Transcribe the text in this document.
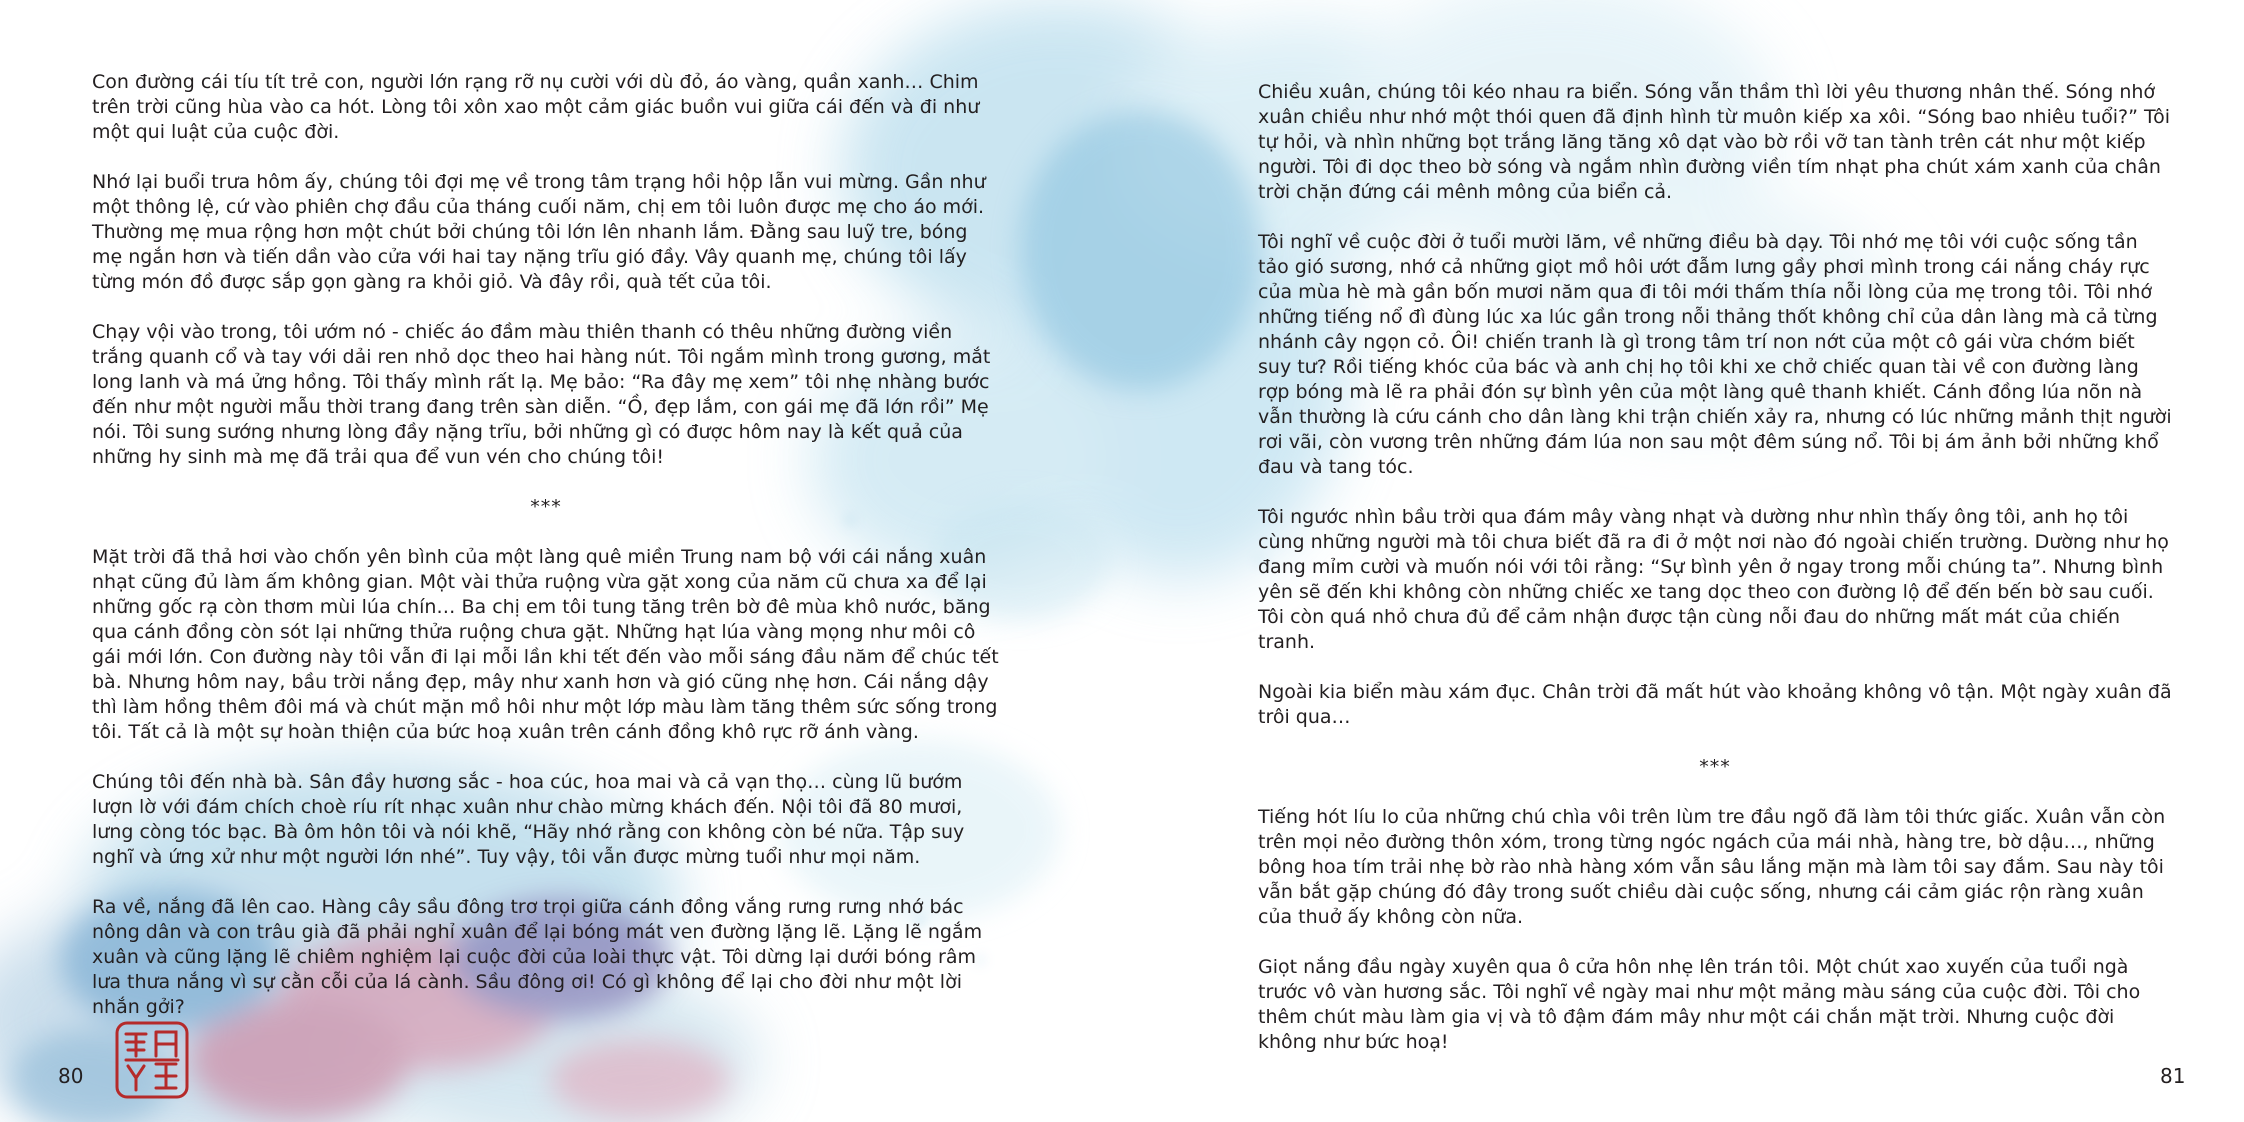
Con đường cái tíu tít trẻ con, người lớn rạng rỡ nụ cười với dù đỏ, áo vàng, quần xanh… Chim trên trời cũng hùa vào ca hót. Lòng tôi xôn xao một cảm giác buồn vui giữa cái đến và đi như một qui luật của cuộc đời.

Nhớ lại buổi trưa hôm ấy, chúng tôi đợi mẹ về trong tâm trạng hồi hộp lẫn vui mừng. Gần như một thông lệ, cứ vào phiên chợ đầu của tháng cuối năm, chị em tôi luôn được mẹ cho áo mới. Thường mẹ mua rộng hơn một chút bởi chúng tôi lớn lên nhanh lắm. Đằng sau luỹ tre, bóng mẹ ngắn hơn và tiến dần vào cửa với hai tay nặng trĩu gió đầy. Vây quanh mẹ, chúng tôi lấy từng món đồ được sắp gọn gàng ra khỏi giỏ. Và đây rồi, quà tết của tôi.

Chạy vội vào trong, tôi ướm nó - chiếc áo đầm màu thiên thanh có thêu những đường viền trắng quanh cổ và tay với dải ren nhỏ dọc theo hai hàng nút. Tôi ngắm mình trong gương, mắt long lanh và má ửng hồng. Tôi thấy mình rất lạ. Mẹ bảo: “Ra đây mẹ xem” tôi nhẹ nhàng bước đến như một người mẫu thời trang đang trên sàn diễn. “Ồ, đẹp lắm, con gái mẹ đã lớn rồi” Mẹ nói. Tôi sung sướng nhưng lòng đầy nặng trĩu, bởi những gì có được hôm nay là kết quả của những hy sinh mà mẹ đã trải qua để vun vén cho chúng tôi!

***

Mặt trời đã thả hơi vào chốn yên bình của một làng quê miền Trung nam bộ với cái nắng xuân nhạt cũng đủ làm ấm không gian. Một vài thửa ruộng vừa gặt xong của năm cũ chưa xa để lại những gốc rạ còn thơm mùi lúa chín… Ba chị em tôi tung tăng trên bờ đê mùa khô nước, băng qua cánh đồng còn sót lại những thửa ruộng chưa gặt. Những hạt lúa vàng mọng như môi cô gái mới lớn. Con đường này tôi vẫn đi lại mỗi lần khi tết đến vào mỗi sáng đầu năm để chúc tết bà. Nhưng hôm nay, bầu trời nắng đẹp, mây như xanh hơn và gió cũng nhẹ hơn. Cái nắng dậy thì làm hồng thêm đôi má và chút mặn mồ hôi như một lớp màu làm tăng thêm sức sống trong tôi. Tất cả là một sự hoàn thiện của bức hoạ xuân trên cánh đồng khô rực rỡ ánh vàng.

Chúng tôi đến nhà bà. Sân đầy hương sắc - hoa cúc, hoa mai và cả vạn thọ… cùng lũ bướm lượn lờ với đám chích choè ríu rít nhạc xuân như chào mừng khách đến. Nội tôi đã 80 mươi, lưng còng tóc bạc. Bà ôm hôn tôi và nói khẽ, “Hãy nhớ rằng con không còn bé nữa. Tập suy nghĩ và ứng xử như một người lớn nhé”. Tuy vậy, tôi vẫn được mừng tuổi như mọi năm.

Ra về, nắng đã lên cao. Hàng cây sầu đông trơ trọi giữa cánh đồng vắng rưng rưng nhớ bác nông dân và con trâu già đã phải nghỉ xuân để lại bóng mát ven đường lặng lẽ. Lặng lẽ ngắm xuân và cũng lặng lẽ chiêm nghiệm lại cuộc đời của loài thực vật. Tôi dừng lại dưới bóng râm lưa thưa nắng vì sự cằn cỗi của lá cành. Sầu đông ơi! Có gì không để lại cho đời như một lời nhắn gởi?

Chiều xuân, chúng tôi kéo nhau ra biển. Sóng vẫn thầm thì lời yêu thương nhân thế. Sóng nhớ xuân chiều như nhớ một thói quen đã định hình từ muôn kiếp xa xôi. “Sóng bao nhiêu tuổi?” Tôi tự hỏi, và nhìn những bọt trắng lăng tăng xô dạt vào bờ rồi vỡ tan tành trên cát như một kiếp người. Tôi đi dọc theo bờ sóng và ngắm nhìn đường viền tím nhạt pha chút xám xanh của chân trời chặn đứng cái mênh mông của biển cả.

Tôi nghĩ về cuộc đời ở tuổi mười lăm, về những điều bà dạy. Tôi nhớ mẹ tôi với cuộc sống tần tảo gió sương, nhớ cả những giọt mồ hôi ướt đẫm lưng gầy phơi mình trong cái nắng cháy rực của mùa hè mà gần bốn mươi năm qua đi tôi mới thấm thía nỗi lòng của mẹ trong tôi. Tôi nhớ những tiếng nổ đì đùng lúc xa lúc gần trong nỗi thảng thốt không chỉ của dân làng mà cả từng nhánh cây ngọn cỏ. Ôi! chiến tranh là gì trong tâm trí non nớt của một cô gái vừa chớm biết suy tư? Rồi tiếng khóc của bác và anh chị họ tôi khi xe chở chiếc quan tài về con đường làng rợp bóng mà lẽ ra phải đón sự bình yên của một làng quê thanh khiết. Cánh đồng lúa nõn nà vẫn thường là cứu cánh cho dân làng khi trận chiến xảy ra, nhưng có lúc những mảnh thịt người rơi vãi, còn vương trên những đám lúa non sau một đêm súng nổ. Tôi bị ám ảnh bởi những khổ đau và tang tóc.

Tôi ngước nhìn bầu trời qua đám mây vàng nhạt và dường như nhìn thấy ông tôi, anh họ tôi cùng những người mà tôi chưa biết đã ra đi ở một nơi nào đó ngoài chiến trường. Dường như họ đang mỉm cười và muốn nói với tôi rằng: “Sự bình yên ở ngay trong mỗi chúng ta”. Nhưng bình yên sẽ đến khi không còn những chiếc xe tang dọc theo con đường lộ để đến bến bờ sau cuối. Tôi còn quá nhỏ chưa đủ để cảm nhận được tận cùng nỗi đau do những mất mát của chiến tranh.

Ngoài kia biển màu xám đục. Chân trời đã mất hút vào khoảng không vô tận. Một ngày xuân đã trôi qua…

***

Tiếng hót líu lo của những chú chìa vôi trên lùm tre đầu ngõ đã làm tôi thức giấc. Xuân vẫn còn trên mọi nẻo đường thôn xóm, trong từng ngóc ngách của mái nhà, hàng tre, bờ dậu…, những bông hoa tím trải nhẹ bờ rào nhà hàng xóm vẫn sâu lắng mặn mà làm tôi say đắm. Sau này tôi vẫn bắt gặp chúng đó đây trong suốt chiều dài cuộc sống, nhưng cái cảm giác rộn ràng xuân của thuở ấy không còn nữa.

Giọt nắng đầu ngày xuyên qua ô cửa hôn nhẹ lên trán tôi. Một chút xao xuyến của tuổi ngà trước vô vàn hương sắc. Tôi nghĩ về ngày mai như một mảng màu sáng của cuộc đời. Tôi cho thêm chút màu làm gia vị và tô đậm đám mây như một cái chắn mặt trời. Nhưng cuộc đời không như bức hoạ!

80	81
